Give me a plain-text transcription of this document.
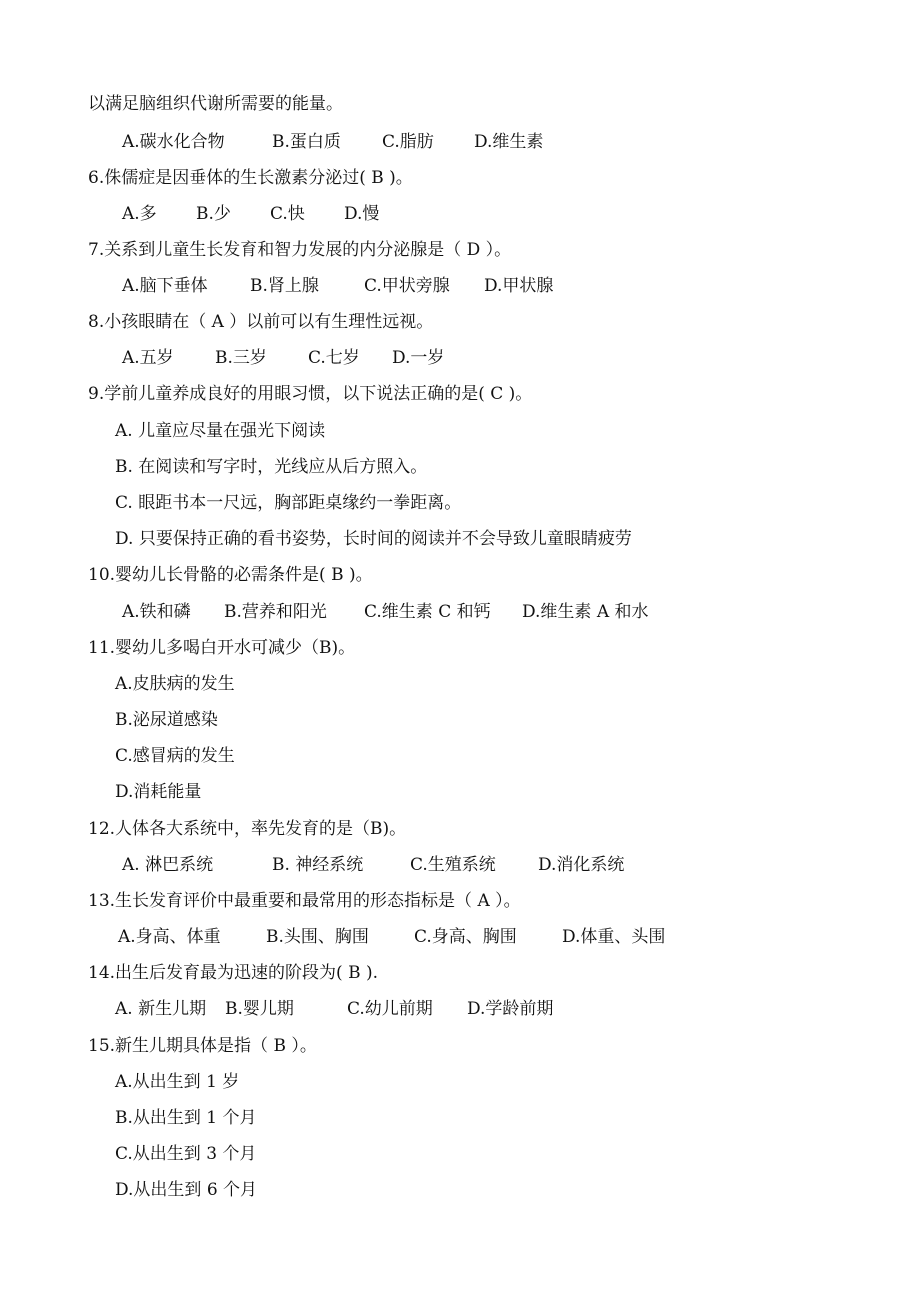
以满足脑组织代谢所需要的能量。

A.碳水化合物

	B.蛋白质

C.脂肪

D.维生素

6.侏儒症是因垂体的生长激素分泌过( B )。

A.多

B.少

C.快

D.慢

7.关系到儿童生长发育和智力发展的内分泌腺是（ D ）。

A.脑下垂体

B.肾上腺

	C.甲状旁腺

D.甲状腺

8.小孩眼睛在（ A ）以前可以有生理性远视。

A.五岁

B.三岁

C.七岁

D.一岁

9.学前儿童养成良好的用眼习惯，以下说法正确的是( C )。
A. 儿童应尽量在强光下阅读
B. 在阅读和写字时，光线应从后方照入。
C. 眼距书本一尺远，胸部距桌缘约一拳距离。
D. 只要保持正确的看书姿势，长时间的阅读并不会导致儿童眼睛疲劳
10.婴幼儿长骨骼的必需条件是( B )。

A.铁和磷

B.营养和阳光

C.维生素 C 和钙

D.维生素 A 和水

11.婴幼儿多喝白开水可减少（B)。
A.皮肤病的发生
B.泌尿道感染
C.感冒病的发生
D.消耗能量
12.人体各大系统中，率先发育的是（B)。

A. 淋巴系统

	B. 神经系统

	C.生殖系统

D.消化系统

13.生长发育评价中最重要和最常用的形态指标是（ A ）。

A.身高、体重

	B.头围、胸围

	C.身高、胸围

	D.体重、头围

14.出生后发育最为迅速的阶段为( B ).

A. 新生儿期

B.婴儿期

	C.幼儿前期

D.学龄前期

15.新生儿期具体是指（ B ）。
A.从出生到 1 岁
B.从出生到 1 个月
C.从出生到 3 个月
D.从出生到 6 个月
